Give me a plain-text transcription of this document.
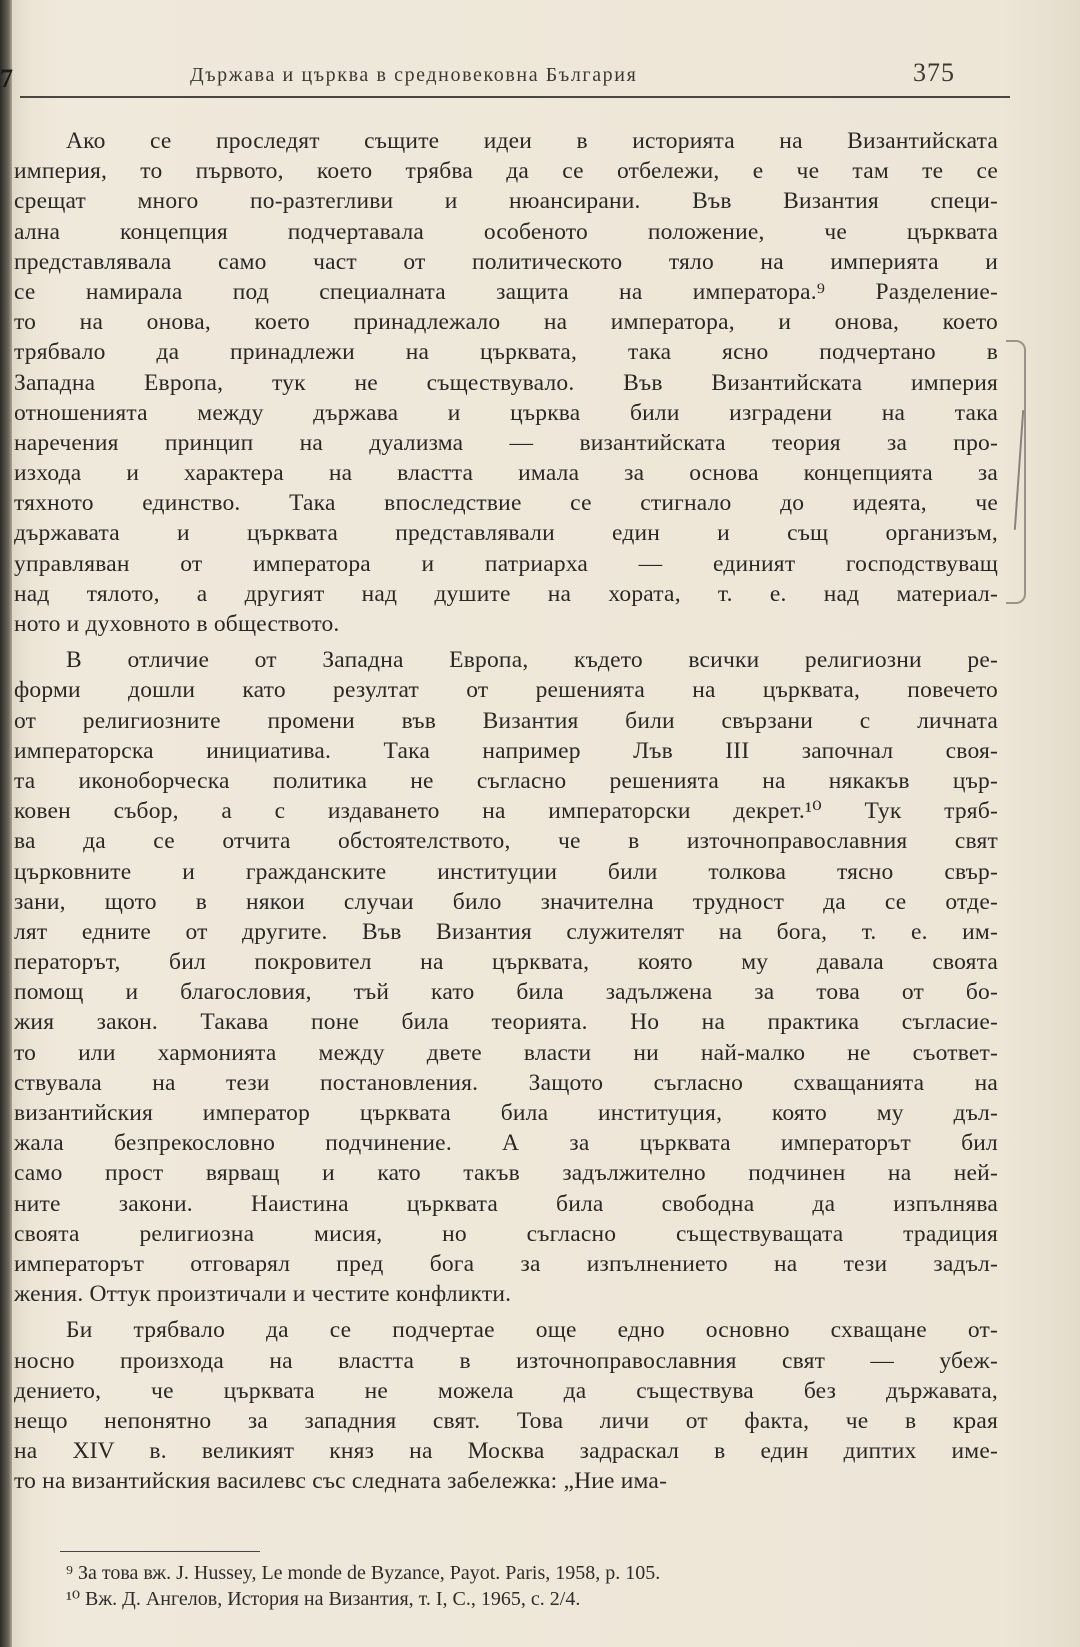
7	Държава и църква в средновековна България	375
Ако се проследят същите идеи в историята на Византийската
империя, то първото, което трябва да се отбележи, е че там те се
срещат много по-разтегливи и нюансирани. Във Византия специ-
ална концепция подчертавала особеното положение, че църквата
представлявала само част от политическото тяло на империята и
се намирала под специалната защита на императора.⁹ Разделение-
то на онова, което принадлежало на императора, и онова, което
трябвало да принадлежи на църквата, така ясно подчертано в
Западна Европа, тук не съществувало. Във Византийската империя
отношенията между държава и църква били изградени на така
наречения принцип на дуализма — византийската теория за про-
изхода и характера на властта имала за основа концепцията за
тяхното единство. Така впоследствие се стигнало до идеята, че
държавата и църквата представлявали един и същ организъм,
управляван от императора и патриарха — единият господствуващ
над тялото, а другият над душите на хората, т. е. над материал-
ното и духовното в обществото.
В отличие от Западна Европа, където всички религиозни ре-
форми дошли като резултат от решенията на църквата, повечето
от религиозните промени във Византия били свързани с личната
императорска инициатива. Така например Лъв III започнал своя-
та иконоборческа политика не съгласно решенията на някакъв цър-
ковен събор, а с издаването на императорски декрет.¹⁰ Тук тряб-
ва да се отчита обстоятелството, че в източноправославния свят
църковните и гражданските институции били толкова тясно свър-
зани, щото в някои случаи било значителна трудност да се отде-
лят едните от другите. Във Византия служителят на бога, т. е. им-
ператорът, бил покровител на църквата, която му давала своята
помощ и благословия, тъй като била задължена за това от бо-
жия закон. Такава поне била теорията. Но на практика съгласие-
то или хармонията между двете власти ни най-малко не съответ-
ствувала на тези постановления. Защото съгласно схващанията на
византийския император църквата била институция, която му дъл-
жала безпрекословно подчинение. А за църквата императорът бил
само прост вярващ и като такъв задължително подчинен на ней-
ните закони. Наистина църквата била свободна да изпълнява
своята религиозна мисия, но съгласно съществуващата традиция
императорът отговарял пред бога за изпълнението на тези задъл-
жения. Оттук произтичали и честите конфликти.
Би трябвало да се подчертае още едно основно схващане от-
носно произхода на властта в източноправославния свят — убеж-
дението, че църквата не можела да съществува без държавата,
нещо непонятно за западния свят. Това личи от факта, че в края
на XIV в. великият княз на Москва задраскал в един диптих име-
то на византийския василевс със следната забележка: „Ние има-
⁹ За това вж. J. Hussey, Le monde de Byzance, Payot. Paris, 1958, p. 105.
¹⁰ Вж. Д. Ангелов, История на Византия, т. I, С., 1965, с. 2/4.
